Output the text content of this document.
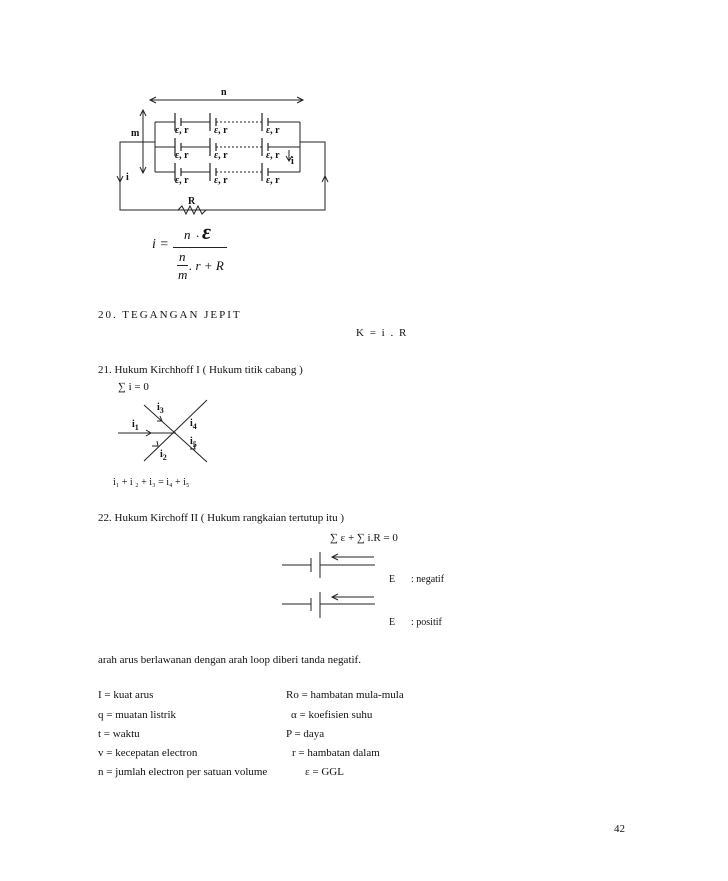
n
m
i
i
R
ε, r	ε, r	ε, r
ε, r	ε, r	ε, r
ε, r	ε, r	ε, r
i =
n . ε
n
. r + R
m
20. TEGANGAN JEPIT
K = i . R
21. Hukum Kirchhoff I ( Hukum titik cabang )
∑ i = 0
$i_1$
$i_3$
$i_4$
$i_5$
$i_2$
i₁ + i ₂ + i₃ = i₄ + i₅
22. Hukum Kirchoff II ( Hukum rangkaian tertutup itu )
∑ ε + ∑ i.R = 0
E : negatif
E : positif
arah arus berlawanan dengan arah loop diberi tanda negatif.
I = kuat arus	Ro = hambatan mula-mula
q = muatan listrik	α = koefisien suhu
t = waktu	P = daya
v = kecepatan electron	r = hambatan dalam
n = jumlah electron per satuan volume	ε = GGL
42
